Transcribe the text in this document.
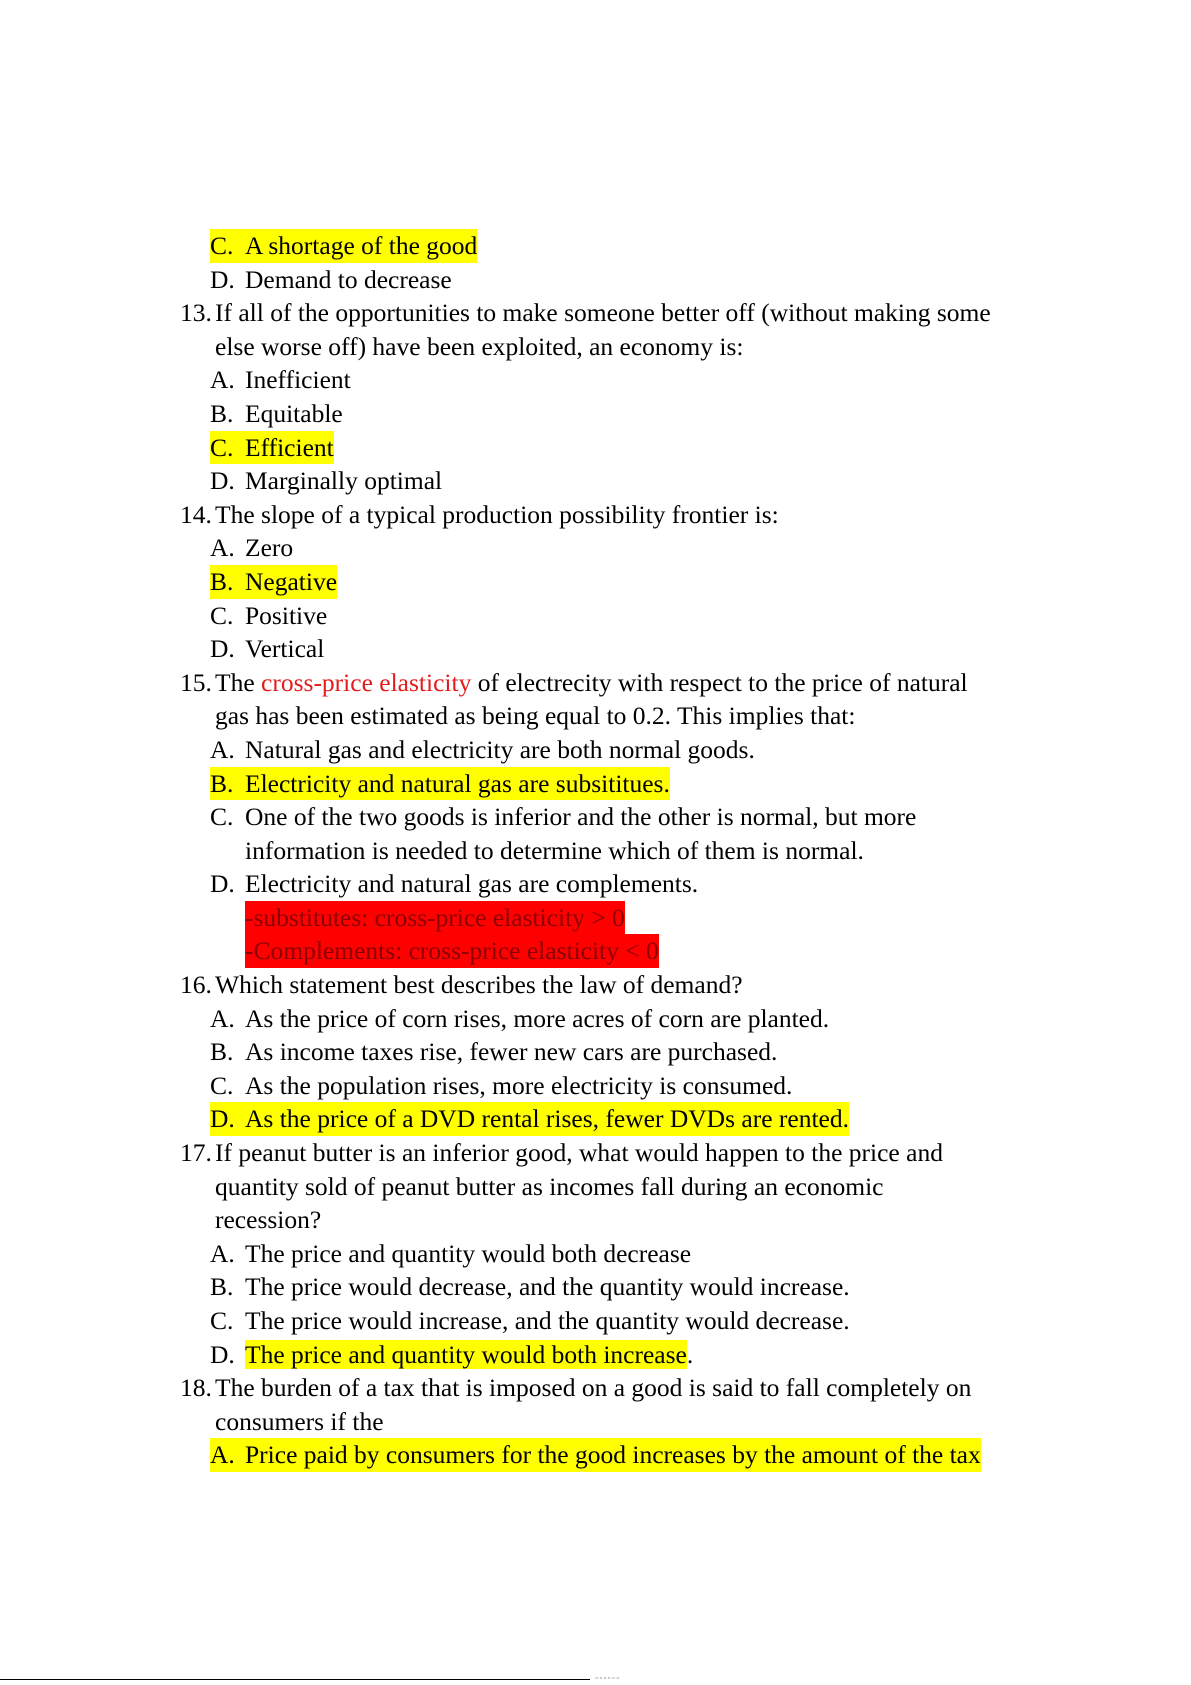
C. A shortage of the good
D. Demand to decrease
13. If all of the opportunities to make someone better off (without making some
else worse off) have been exploited, an economy is:
A. Inefficient
B. Equitable
C. Efficient
D. Marginally optimal
14. The slope of a typical production possibility frontier is:
A. Zero
B. Negative
C. Positive
D. Vertical
15. The cross-price elasticity of electrecity with respect to the price of natural
gas has been estimated as being equal to 0.2. This implies that:
A. Natural gas and electricity are both normal goods.
B. Electricity and natural gas are subsititues.
C. One of the two goods is inferior and the other is normal, but more
information is needed to determine which of them is normal.
D. Electricity and natural gas are complements.
-substitutes: cross-price elasticity > 0
-Complements: cross-price elasticity < 0
16. Which statement best describes the law of demand?
A. As the price of corn rises, more acres of corn are planted.
B. As income taxes rise, fewer new cars are purchased.
C. As the population rises, more electricity is consumed.
D. As the price of a DVD rental rises, fewer DVDs are rented.
17. If peanut butter is an inferior good, what would happen to the price and
quantity sold of peanut butter as incomes fall during an economic
recession?
A. The price and quantity would both decrease
B. The price would decrease, and the quantity would increase.
C. The price would increase, and the quantity would decrease.
D. The price and quantity would both increase.
18. The burden of a tax that is imposed on a good is said to fall completely on
consumers if the
A. Price paid by consumers for the good increases by the amount of the tax
""""""
